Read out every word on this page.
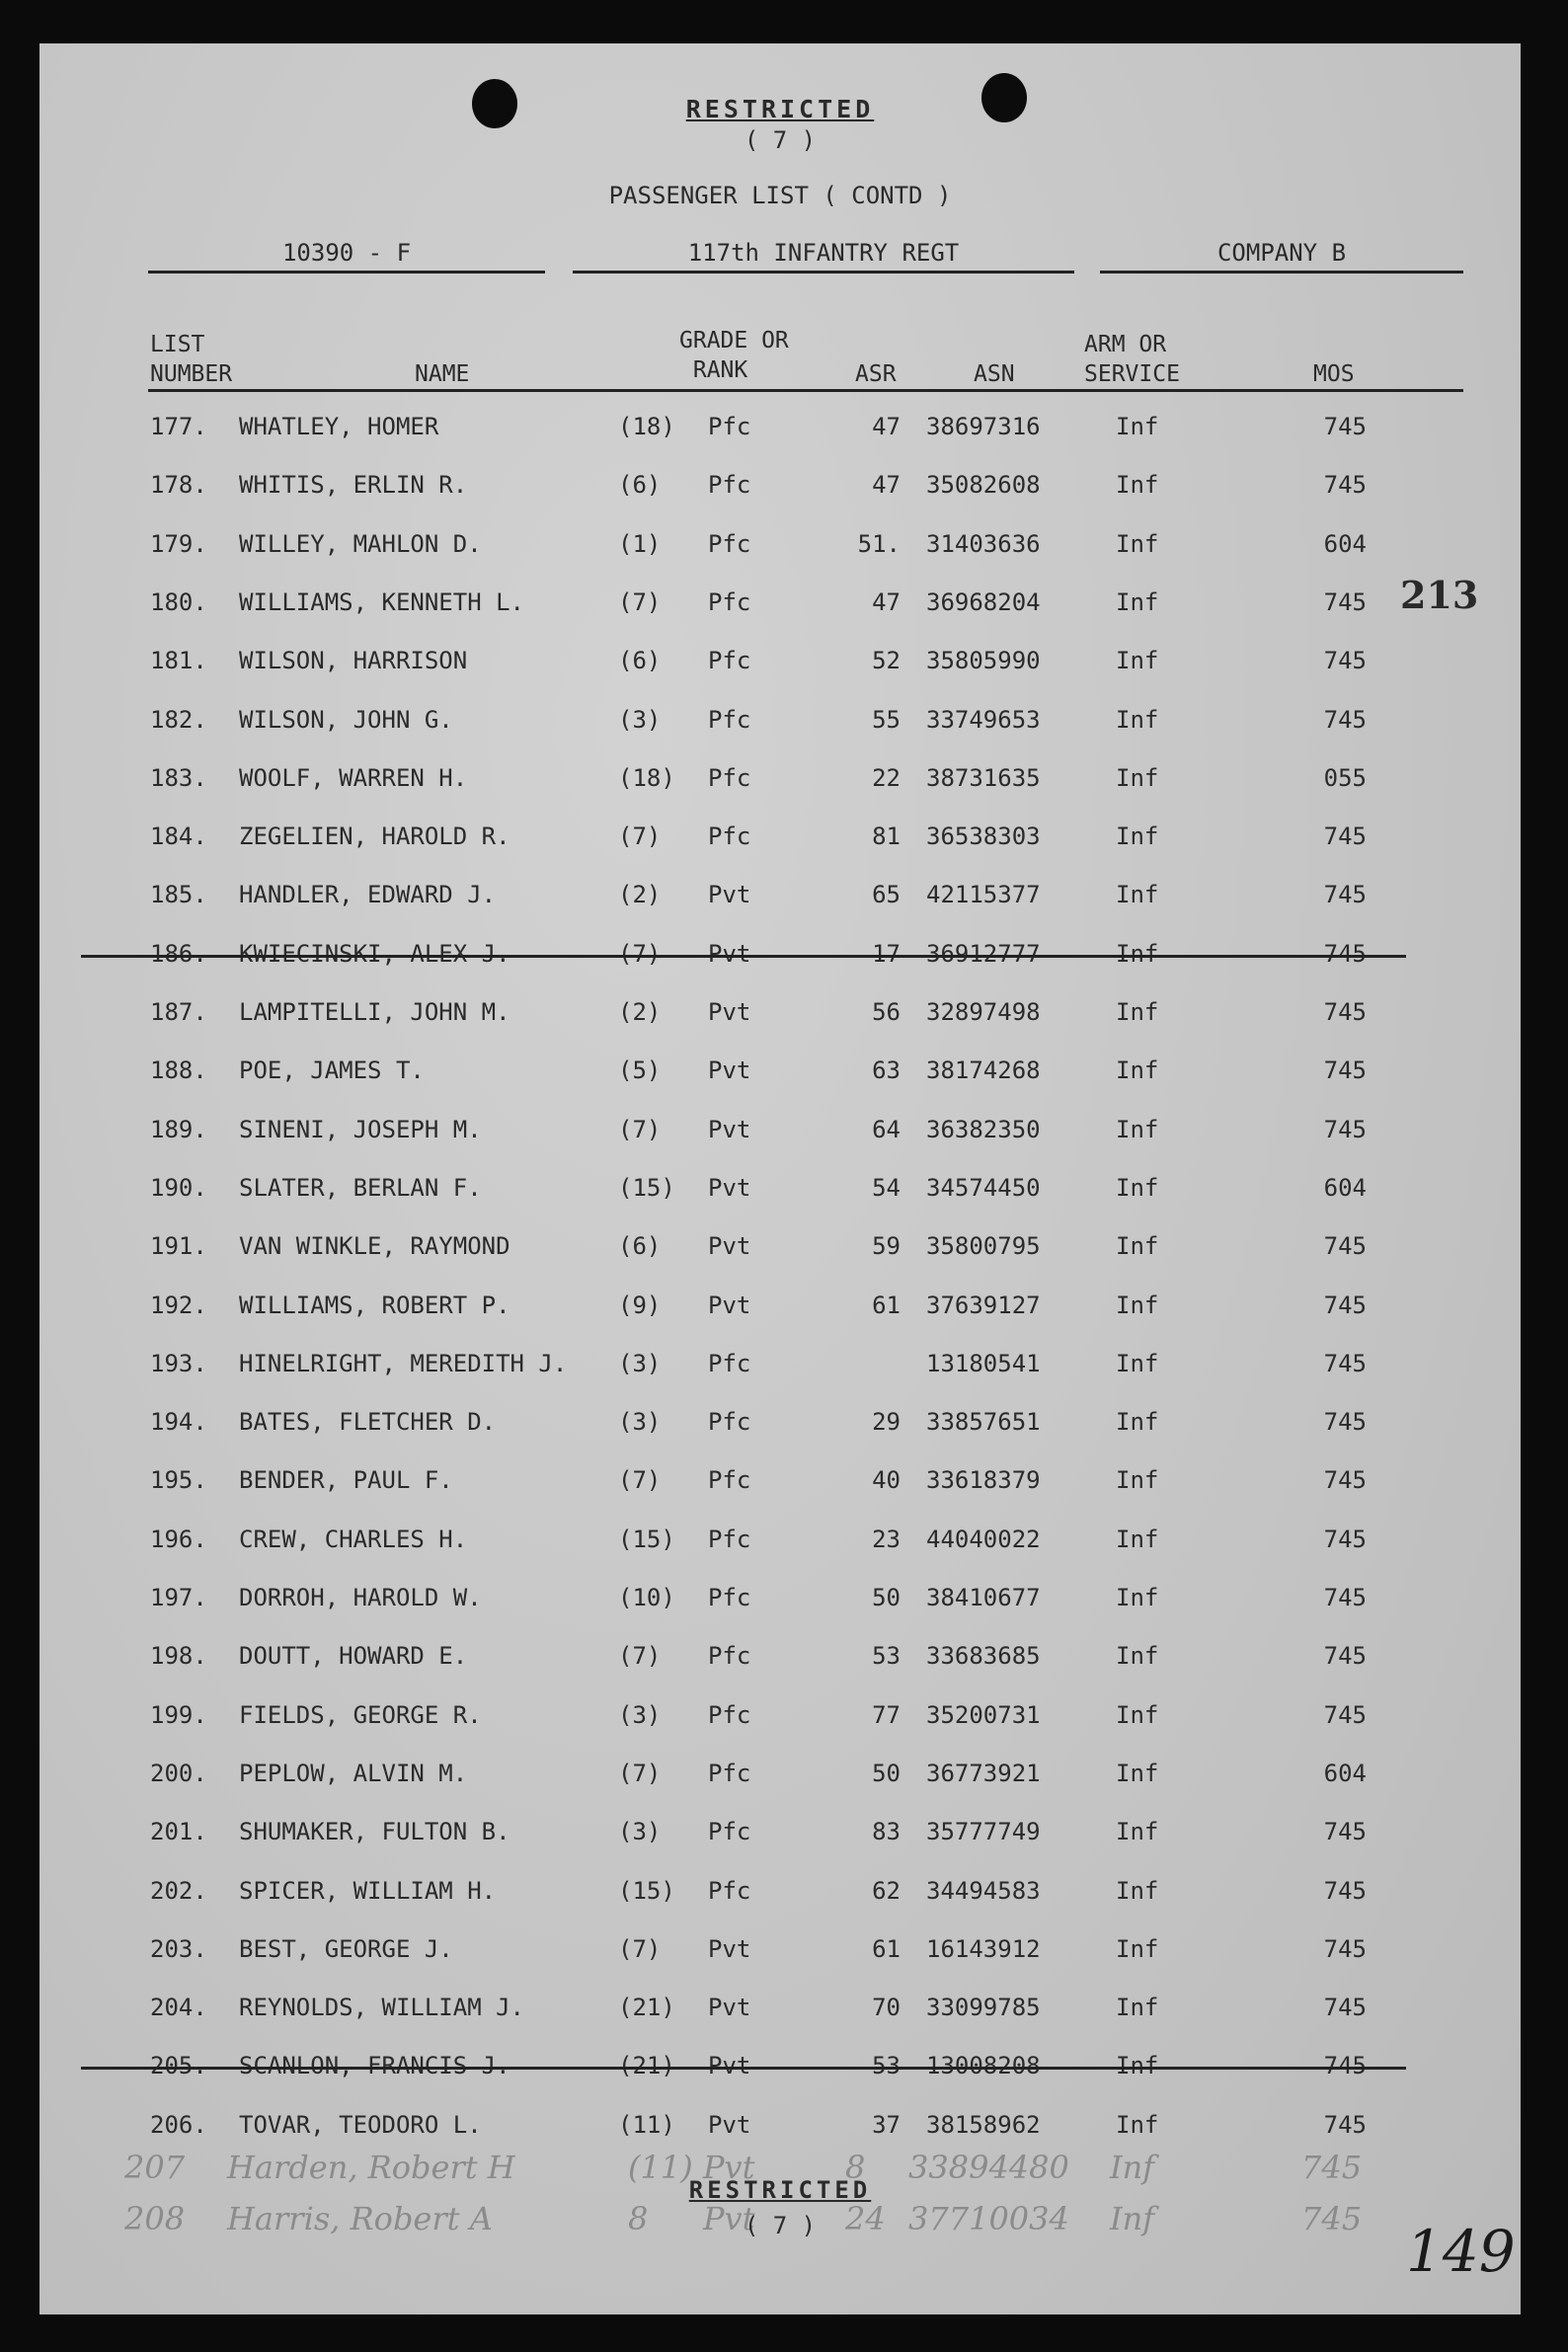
RESTRICTED
( 7 )
PASSENGER LIST ( CONTD )
10390 - F	117th INFANTRY REGT	COMPANY B
LIST
NUMBER	NAME
GRADE OR
RANK	ASR	ASN
ARM OR
SERVICE	MOS
177. WHATLEY, HOMER	(18) Pfc	47 38697316	Inf	745
178. WHITIS, ERLIN R.	(6) Pfc	47 35082608	Inf	745
179. WILLEY, MAHLON D.	(1) Pfc	51. 31403636	Inf	604
180. WILLIAMS, KENNETH L.	(7) Pfc	47 36968204	Inf	745
181. WILSON, HARRISON	(6) Pfc	52 35805990	Inf	745
182. WILSON, JOHN G.	(3) Pfc	55 33749653	Inf	745
183. WOOLF, WARREN H.	(18) Pfc	22 38731635	Inf	055
184. ZEGELIEN, HAROLD R.	(7) Pfc	81 36538303	Inf	745
185. HANDLER, EDWARD J.	(2) Pvt	65 42115377	Inf	745
186. KWIECINSKI, ALEX J.	(7) Pvt	17 36912777	Inf	745
187. LAMPITELLI, JOHN M.	(2) Pvt	56 32897498	Inf	745
188. POE, JAMES T.	(5) Pvt	63 38174268	Inf	745
189. SINENI, JOSEPH M.	(7) Pvt	64 36382350	Inf	745
190. SLATER, BERLAN F.	(15) Pvt	54 34574450	Inf	604
191. VAN WINKLE, RAYMOND	(6) Pvt	59 35800795	Inf	745
192. WILLIAMS, ROBERT P.	(9) Pvt	61 37639127	Inf	745
193. HINELRIGHT, MEREDITH J. (3) Pfc	13180541	Inf	745
194. BATES, FLETCHER D.	(3) Pfc	29 33857651	Inf	745
195. BENDER, PAUL F.	(7) Pfc	40 33618379	Inf	745
196. CREW, CHARLES H.	(15) Pfc	23 44040022	Inf	745
197. DORROH, HAROLD W.	(10) Pfc	50 38410677	Inf	745
198. DOUTT, HOWARD E.	(7) Pfc	53 33683685	Inf	745
199. FIELDS, GEORGE R.	(3) Pfc	77 35200731	Inf	745
200. PEPLOW, ALVIN M.	(7) Pfc	50 36773921	Inf	604
201. SHUMAKER, FULTON B.	(3) Pfc	83 35777749	Inf	745
202. SPICER, WILLIAM H.	(15) Pfc	62 34494583	Inf	745
203. BEST, GEORGE J.	(7) Pvt	61 16143912	Inf	745
204. REYNOLDS, WILLIAM J.	(21) Pvt	70 33099785	Inf	745
205. SCANLON, FRANCIS J.	(21) Pvt	53 13008208	Inf	745
206. TOVAR, TEODORO L.	(11) Pvt	37 38158962	Inf	745
207 Harden, Robert H	(11) Pvt	8 33894480 Inf	745
208 Harris, Robert A	8 Pvt	24 37710034 Inf	745
RESTRICTED
( 7 )
213
149
